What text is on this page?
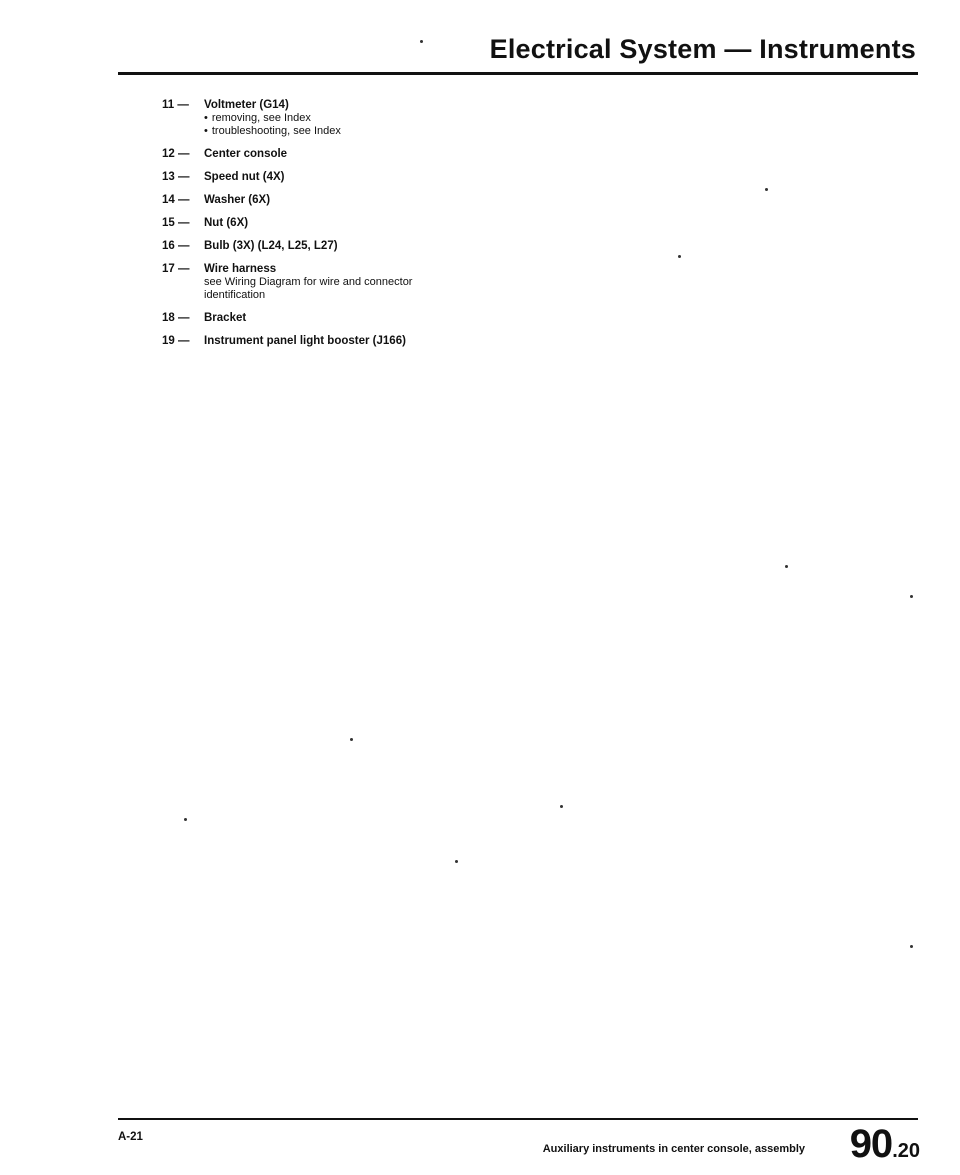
Electrical System — Instruments
11 — Voltmeter (G14)
• removing, see Index
• troubleshooting, see Index
12 — Center console
13 — Speed nut (4X)
14 — Washer (6X)
15 — Nut (6X)
16 — Bulb (3X) (L24, L25, L27)
17 — Wire harness
see Wiring Diagram for wire and connector
identification
18 — Bracket
19 — Instrument panel light booster (J166)
A-21
Auxiliary instruments in center console, assembly 90.20
